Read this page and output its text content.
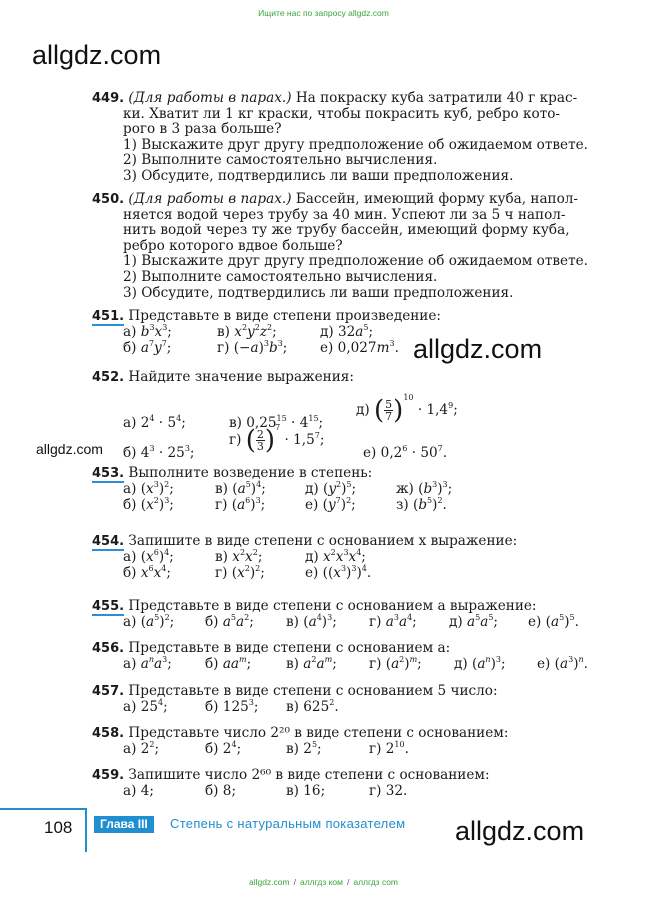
Ищите нас по запросу allgdz.com
allgdz.com
449. (Для работы в парах.) На покраску куба затратили 40 г крас-
ки. Хватит ли 1 кг краски, чтобы покрасить куб, ребро кото-
рого в 3 раза больше?
1) Выскажите друг другу предположение об ожидаемом ответе.
2) Выполните самостоятельно вычисления.
3) Обсудите, подтвердились ли ваши предположения.
450. (Для работы в парах.) Бассейн, имеющий форму куба, напол-
няется водой через трубу за 40 мин. Успеют ли за 5 ч напол-
нить водой через ту же трубу бассейн, имеющий форму куба,
ребро которого вдвое больше?
1) Выскажите друг другу предположение об ожидаемом ответе.
2) Выполните самостоятельно вычисления.
3) Обсудите, подтвердились ли ваши предположения.
451. Представьте в виде степени произведение:
а) $b^3x^3$;	в) $x^2y^2z^2$;	д) $32a^5$;
б) $a^7y^7$;	г) $(-a)^3b^3$; е) $0,027m^3$. allgdz.com
452. Найдите значение выражения:
а) $2^4 \cdot 5^4$;	в) $0,25^{15} \cdot 4^{15}$;
д) ( $\frac{5}{7} )^{10} \cdot 1,4^9$;
б) $4^3 \cdot 25^3$;
г) ( $\frac{2}{3} )^7 \cdot 1,5^7$;
е) $0,2^6 \cdot 50^7$.
allgdz.com
453. Выполните возведение в степень:
а) $(x^3)^2$;	в) $(a^5)^4$;	д) $(y^2)^5$;	ж) $(b^3)^3$;
б) $(x^2)^3$;	г) $(a^6)^3$;	е) $(y^7)^2$;	з) $(b^5)^2$.
454. Запишите в виде степени с основанием x выражение:
а) $(x^6)^4$;	в) $x^2x^2$;	д) $x^2x^3x^4$;
б) $x^6x^4$;	г) $(x^2)^2$;	е) $((x^3)^3)^4$.
455. Представьте в виде степени с основанием a выражение:
а) $(a^5)^2$; б) $a^5a^2$; в) $(a^4)^3$; г) $a^3a^4$; д) $a^5a^5$; е) $(a^5)^5$.
456. Представьте в виде степени с основанием a:
а) $a^na^3$; б) $aa^m$;	в) $a^2a^m$; г) $(a^2)^m$; д) $(a^n)^3$; е) $(a^3)^n$.
457. Представьте в виде степени с основанием 5 число:
а) $25^4$;	б) $125^3$; в) $625^2$.
458. Представьте число 2²⁰ в виде степени с основанием:
а) $2^2$;	б) $2^4$;	в) $2^5$;	г) $2^{10}$.
459. Запишите число 2⁶⁰ в виде степени с основанием:
а) 4;	б) 8;	в) 16;	г) 32.
108	Глава III	Степень с натуральным показателем allgdz.com
allgdz.com / аллгдз ком / аллгдз com
